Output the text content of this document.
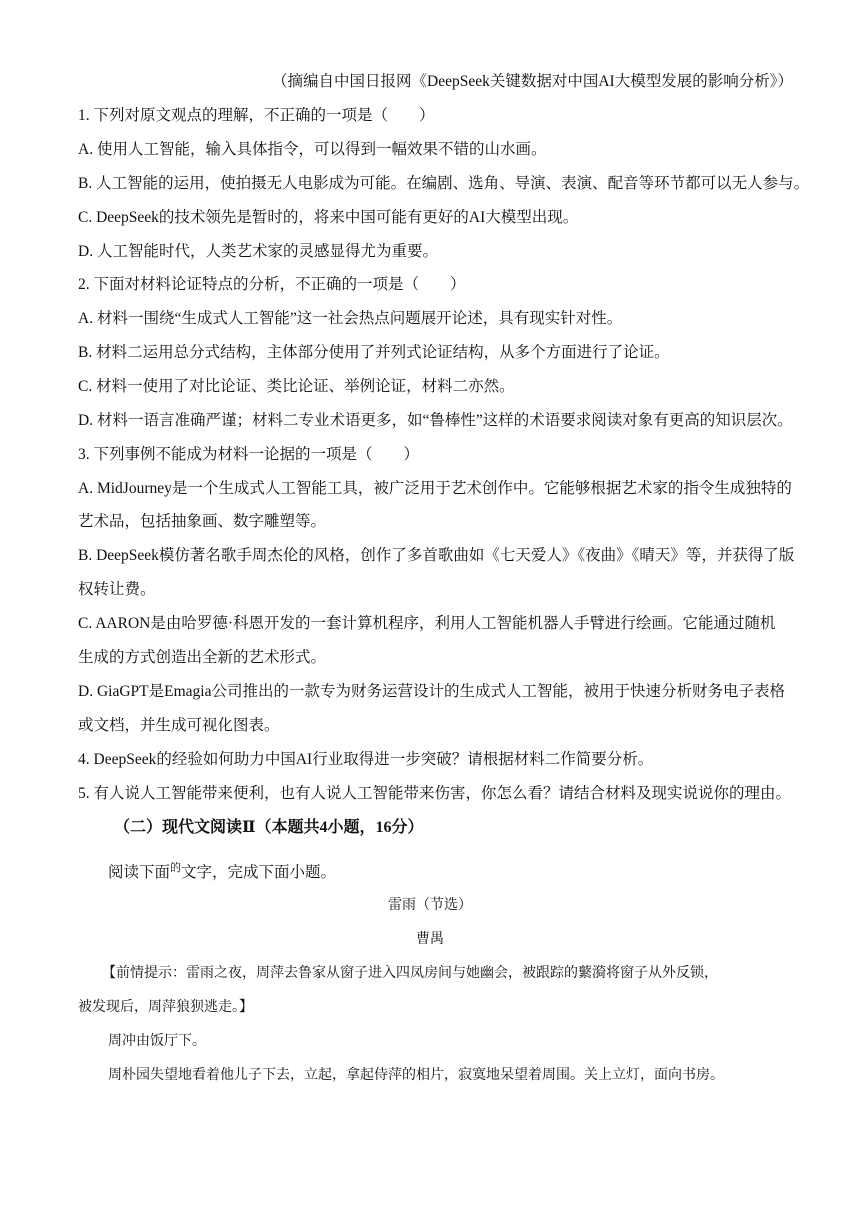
（摘编自中国日报网《DeepSeek关键数据对中国AI大模型发展的影响分析》）
1. 下列对原文观点的理解，不正确的一项是（　　）
A. 使用人工智能，输入具体指令，可以得到一幅效果不错的山水画。
B. 人工智能的运用，使拍摄无人电影成为可能。在编剧、选角、导演、表演、配音等环节都可以无人参与。
C. DeepSeek的技术领先是暂时的，将来中国可能有更好的AI大模型出现。
D. 人工智能时代，人类艺术家的灵感显得尤为重要。
2. 下面对材料论证特点的分析，不正确的一项是（　　）
A. 材料一围绕“生成式人工智能”这一社会热点问题展开论述，具有现实针对性。
B. 材料二运用总分式结构，主体部分使用了并列式论证结构，从多个方面进行了论证。
C. 材料一使用了对比论证、类比论证、举例论证，材料二亦然。
D. 材料一语言准确严谨；材料二专业术语更多，如“鲁棒性”这样的术语要求阅读对象有更高的知识层次。
3. 下列事例不能成为材料一论据的一项是（　　）
A. MidJourney是一个生成式人工智能工具，被广泛用于艺术创作中。它能够根据艺术家的指令生成独特的
艺术品，包括抽象画、数字雕塑等。
B. DeepSeek模仿著名歌手周杰伦的风格，创作了多首歌曲如《七天爱人》《夜曲》《晴天》等，并获得了版
权转让费。
C. AARON是由哈罗德·科恩开发的一套计算机程序，利用人工智能机器人手臂进行绘画。它能通过随机
生成的方式创造出全新的艺术形式。
D. GiaGPT是Emagia公司推出的一款专为财务运营设计的生成式人工智能，被用于快速分析财务电子表格
或文档，并生成可视化图表。
4. DeepSeek的经验如何助力中国AI行业取得进一步突破？请根据材料二作简要分析。
5. 有人说人工智能带来便利，也有人说人工智能带来伤害，你怎么看？请结合材料及现实说说你的理由。
（二）现代文阅读Ⅱ（本题共4小题，16分）
阅读下面$^的$文字，完成下面小题。
雷雨（节选）
曹禺
【前情提示：雷雨之夜，周萍去鲁家从窗子进入四凤房间与她幽会，被跟踪的蘩漪将窗子从外反锁，
被发现后，周萍狼狈逃走。】
周冲由饭厅下。
周朴园失望地看着他儿子下去，立起，拿起侍萍的相片，寂寞地呆望着周围。关上立灯，面向书房。
